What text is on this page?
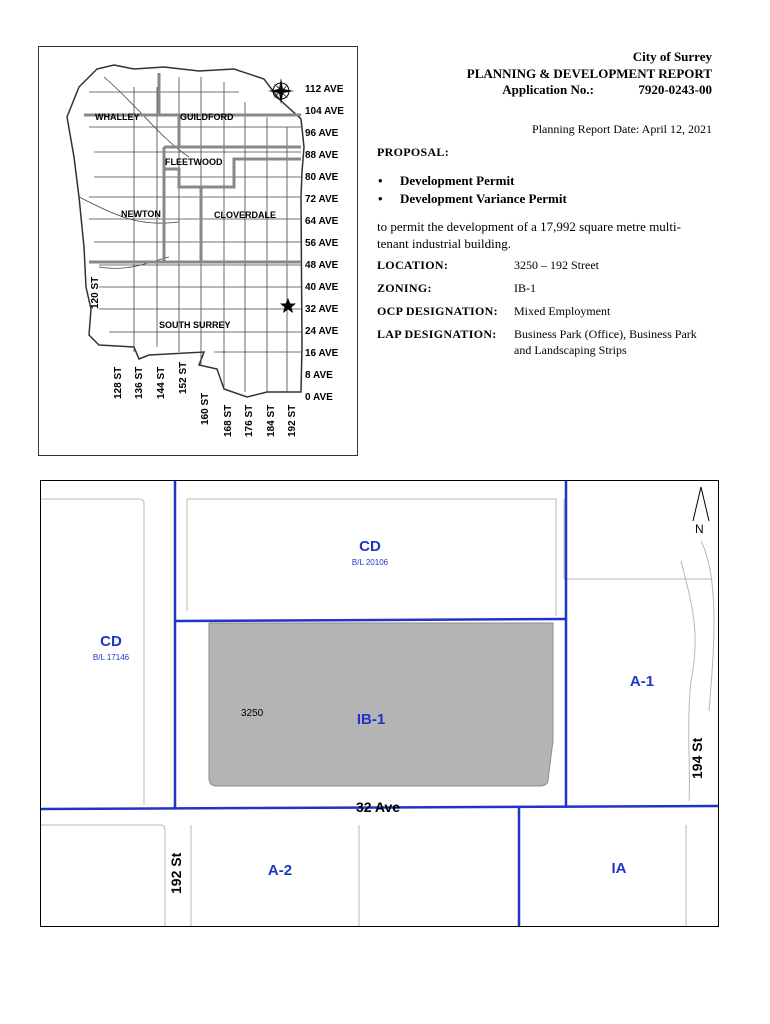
WHALLEY	GUILDFORD
FLEETWOOD
NEWTON	CLOVERDALE
SOUTH SURREY
112 AVE
104 AVE
96 AVE
88 AVE
80 AVE
72 AVE
64 AVE
56 AVE
48 AVE
40 AVE
32 AVE
24 AVE
16 AVE
8 AVE
0 AVE
120 ST
128 ST 136 ST 144 ST 152 ST
160 ST 168 ST 176 ST 184 ST 192 ST
City of Surrey
PLANNING & DEVELOPMENT REPORT
Application No.:	7920-0243-00
Planning Report Date: April 12, 2021
PROPOSAL:
• Development Permit
• Development Variance Permit
to permit the development of a 17,992 square metre multi-tenant industrial building.
LOCATION:	3250 – 192 Street
ZONING:	IB-1
OCP DESIGNATION: Mixed Employment
LAP DESIGNATION: Business Park (Office), Business Park and Landscaping Strips
N
CD
B/L 20106
CD
B/L 17146
A-1
IB-1
A-2	IA
3250
32 Ave
192 St
194 St
